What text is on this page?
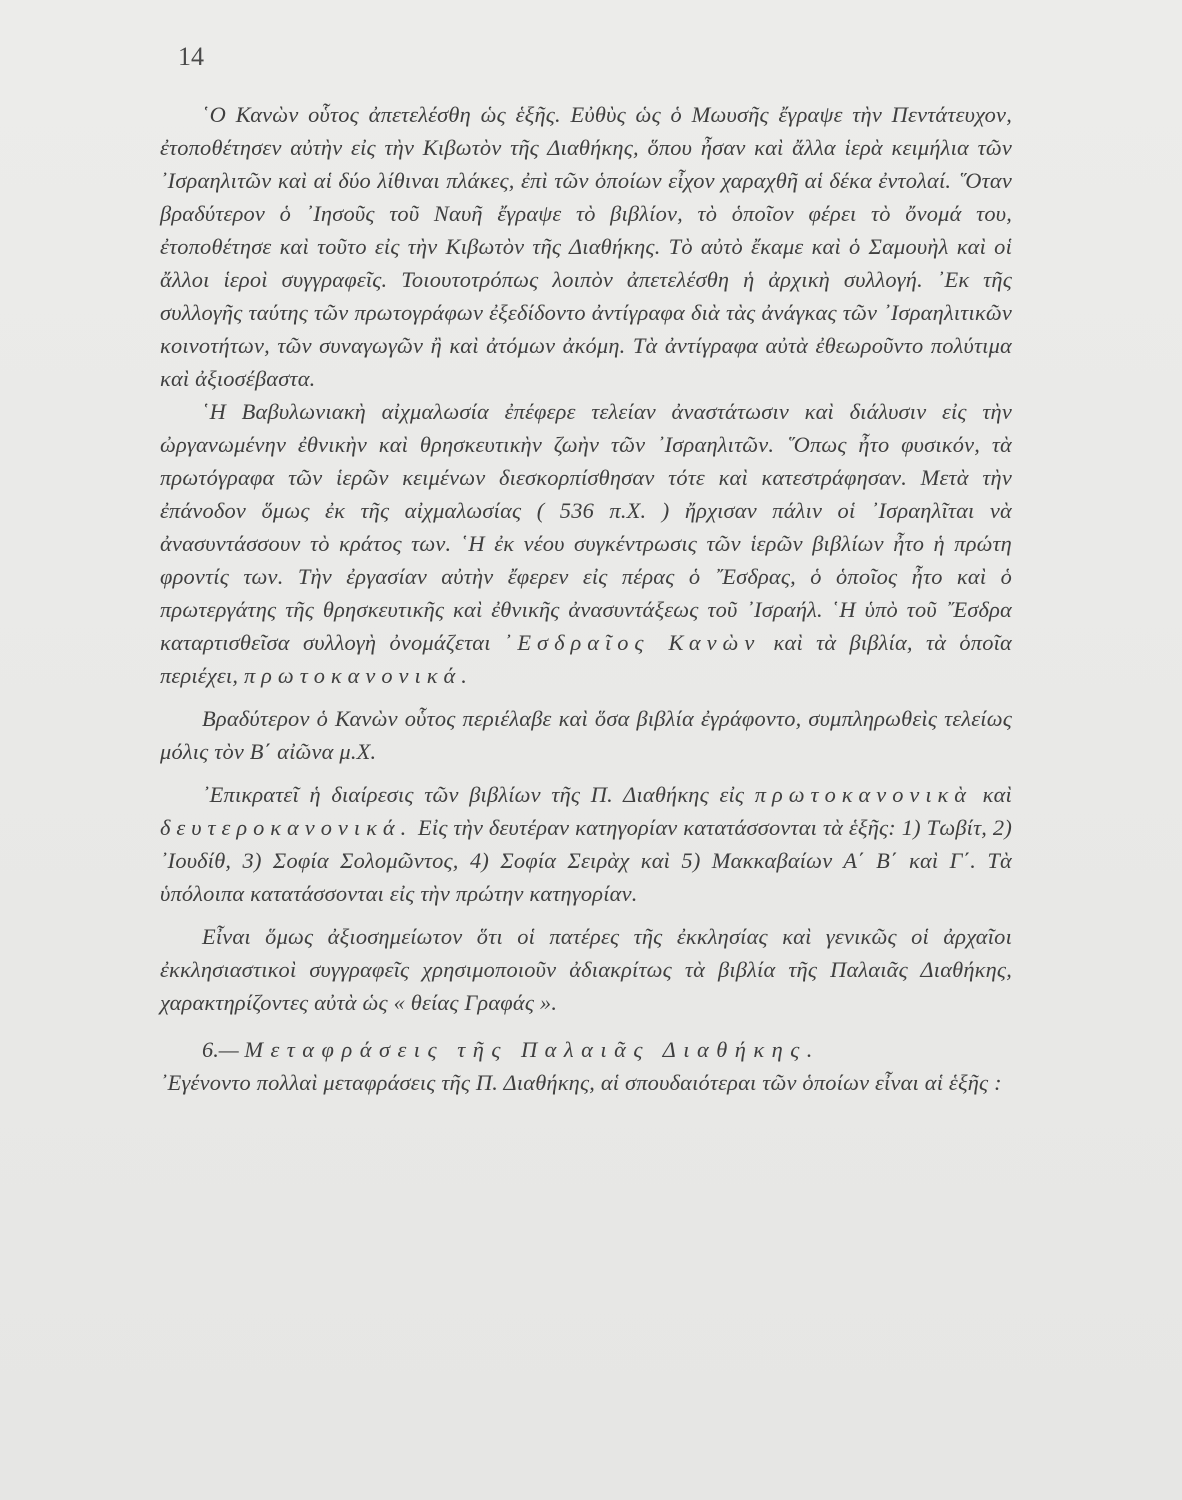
14

῾Ο Κανὼν οὗτος ἀπετελέσθη ὡς ἑξῆς. Εὐθὺς ὡς ὁ Μωυσῆς ἔγραψε τὴν Πεντάτευχον, ἐτοποθέτησεν αὐτὴν εἰς τὴν Κιβωτὸν τῆς Διαθήκης, ὅπου ἦσαν καὶ ἄλλα ἱερὰ κειμήλια τῶν ᾿Ισραηλιτῶν καὶ αἱ δύο λίθιναι πλάκες, ἐπὶ τῶν ὁποίων εἶχον χαραχθῆ αἱ δέκα ἐντολαί. ῞Οταν βραδύτερον ὁ ᾿Ιησοῦς τοῦ Ναυῆ ἔγραψε τὸ βιβλίον, τὸ ὁποῖον φέρει τὸ ὄνομά του, ἐτοποθέτησε καὶ τοῦτο εἰς τὴν Κιβωτὸν τῆς Διαθήκης. Τὸ αὐτὸ ἔκαμε καὶ ὁ Σαμουὴλ καὶ οἱ ἄλλοι ἱεροὶ συγγραφεῖς. Τοιουτοτρόπως λοιπὸν ἀπετελέσθη ἡ ἀρχικὴ συλλογή. ᾿Εκ τῆς συλλογῆς ταύτης τῶν πρωτογράφων ἐξεδίδοντο ἀντίγραφα διὰ τὰς ἀνάγκας τῶν ᾿Ισραηλιτικῶν κοινοτήτων, τῶν συναγωγῶν ἢ καὶ ἀτόμων ἀκόμη. Τὰ ἀντίγραφα αὐτὰ ἐθεωροῦντο πολύτιμα καὶ ἀξιοσέβαστα.

῾Η Βαβυλωνιακὴ αἰχμαλωσία ἐπέφερε τελείαν ἀναστάτωσιν καὶ διάλυσιν εἰς τὴν ὠργανωμένην ἐθνικὴν καὶ θρησκευτικὴν ζωὴν τῶν ᾿Ισραηλιτῶν. ῞Οπως ἦτο φυσικόν, τὰ πρωτόγραφα τῶν ἱερῶν κειμένων διεσκορπίσθησαν τότε καὶ κατεστράφησαν. Μετὰ τὴν ἐπάνοδον ὅμως ἐκ τῆς αἰχμαλωσίας ( 536 π.Χ. ) ἤρχισαν πάλιν οἱ ᾿Ισραηλῖται νὰ ἀνασυντάσσουν τὸ κράτος των. ῾Η ἐκ νέου συγκέντρωσις τῶν ἱερῶν βιβλίων ἦτο ἡ πρώτη φροντίς των. Τὴν ἐργασίαν αὐτὴν ἔφερεν εἰς πέρας ὁ ῎Εσδρας, ὁ ὁποῖος ἦτο καὶ ὁ πρωτεργάτης τῆς θρησκευτικῆς καὶ ἐθνικῆς ἀνασυντάξεως τοῦ ᾿Ισραήλ. ῾Η ὑπὸ τοῦ ῎Εσδρα καταρτισθεῖσα συλλογὴ ὀνομάζεται ᾿Εσδραῖος Κανὼν καὶ τὰ βιβλία, τὰ ὁποῖα περιέχει, πρωτοκανονικά.

Βραδύτερον ὁ Κανὼν οὗτος περιέλαβε καὶ ὅσα βιβλία ἐγράφοντο, συμπληρωθεὶς τελείως μόλις τὸν Β΄ αἰῶνα μ.Χ.

᾿Επικρατεῖ ἡ διαίρεσις τῶν βιβλίων τῆς Π. Διαθήκης εἰς πρωτοκανονικὰ καὶ δευτεροκανονικά. Εἰς τὴν δευτέραν κατηγορίαν κατατάσσονται τὰ ἑξῆς: 1) Τωβίτ, 2) ᾿Ιουδίθ, 3) Σοφία Σολομῶντος, 4) Σοφία Σειρὰχ καὶ 5) Μακκαβαίων Α΄ Β΄ καὶ Γ΄. Τὰ ὑπόλοιπα κατατάσσονται εἰς τὴν πρώτην κατηγορίαν.

Εἶναι ὅμως ἀξιοσημείωτον ὅτι οἱ πατέρες τῆς ἐκκλησίας καὶ γενικῶς οἱ ἀρχαῖοι ἐκκλησιαστικοὶ συγγραφεῖς χρησιμοποιοῦν ἀδιακρίτως τὰ βιβλία τῆς Παλαιᾶς Διαθήκης, χαρακτηρίζοντες αὐτὰ ὡς « θείας Γραφάς ».

6.— Μεταφράσεις τῆς Παλαιᾶς Διαθήκης.

᾿Εγένοντο πολλαὶ μεταφράσεις τῆς Π. Διαθήκης, αἱ σπουδαιότεραι τῶν ὁποίων εἶναι αἱ ἑξῆς :
